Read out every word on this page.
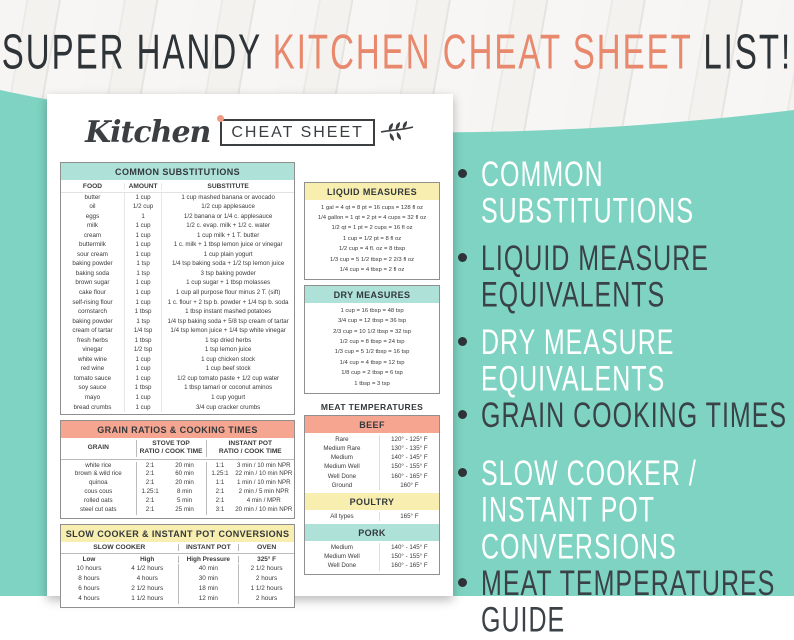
SUPER HANDY KITCHEN CHEAT SHEET LIST!
Kitchen	CHEAT SHEET
COMMON SUBSTITUTIONS
FOOD	AMOUNT	SUBSTITUTE
butter	1 cup	1 cup mashed banana or avocado
oil	1/2 cup	1/2 cup applesauce
eggs	1	1/2 banana or 1/4 c. applesauce
milk	1 cup	1/2 c. evap. milk + 1/2 c. water
cream	1 cup	1 cup milk + 1 T. butter
buttermilk	1 cup	1 c. milk + 1 tbsp lemon juice or vinegar
sour cream	1 cup	1 cup plain yogurt
baking powder	1 tsp	1/4 tsp baking soda + 1/2 tsp lemon juice
baking soda	1 tsp	3 tsp baking powder
brown sugar	1 cup	1 cup sugar + 1 tbsp molasses
cake flour	1 cup	1 cup all purpose flour minus 2 T. (sift)
self-rising flour	1 cup	1 c. flour + 2 tsp b. powder + 1/4 tsp b. soda
cornstarch	1 tbsp	1 tbsp instant mashed potatoes
baking powder	1 tsp	1/4 tsp baking soda + 5/8 tsp cream of tartar
cream of tartar	1/4 tsp	1/4 tsp lemon juice + 1/4 tsp white vinegar
fresh herbs	1 tbsp	1 tsp dried herbs
vinegar	1/2 tsp	1 tsp lemon juice
white wine	1 cup	1 cup chicken stock
red wine	1 cup	1 cup beef stock
tomato sauce	1 cup	1/2 cup tomato paste + 1/2 cup water
soy sauce	1 tbsp	1 tbsp tamari or coconut aminos
mayo	1 cup	1 cup yogurt
bread crumbs	1 cup	3/4 cup cracker crumbs
GRAIN RATIOS & COOKING TIMES
GRAIN
STOVE TOP
RATIO / COOK TIME
INSTANT POT
RATIO / COOK TIME
white rice	2:1	20 min	1:1	3 min / 10 min NPR
brown & wild rice	2:1	60 min	1.25:1	22 min / 10 min NPR
quinoa	2:1	20 min	1:1	1 min / 10 min NPR
cous cous	1.25:1	8 min	2:1	2 min / 5 min NPR
rolled oats	2:1	5 min	2:1	4 min / MPR
steel cut oats	2:1	25 min	3:1	20 min / 10 min NPR
SLOW COOKER & INSTANT POT CONVERSIONS
SLOW COOKER	INSTANT POT	OVEN
Low	High	High Pressure	325° F
10 hours	4 1/2 hours	40 min	2 1/2 hours
8 hours	4 hours	30 min	2 hours
6 hours	2 1/2 hours	18 min	1 1/2 hours
4 hours	1 1/2 hours	12 min	2 hours
LIQUID MEASURES
1 gal = 4 qt = 8 pt = 16 cups = 128 fl oz
1/4 gallon = 1 qt = 2 pt = 4 cups = 32 fl oz
1/2 qt = 1 pt = 2 cups = 16 fl oz
1 cup = 1/2 pt = 8 fl oz
1/2 cup = 4 fl. oz = 8 tbsp
1/3 cup = 5 1/2 tbsp = 2 2/3 fl oz
1/4 cup = 4 tbsp = 2 fl oz
DRY MEASURES
1 cup = 16 tbsp = 48 tsp
3/4 cup = 12 tbsp = 36 tsp
2/3 cup = 10 1/2 tbsp = 32 tsp
1/2 cup = 8 tbsp = 24 tsp
1/3 cup = 5 1/2 tbsp = 16 tsp
1/4 cup = 4 tbsp = 12 tsp
1/8 cup = 2 tbsp = 6 tsp
1 tbsp = 3 tsp
MEAT TEMPERATURES
BEEF
Rare	120° - 125° F
Medium Rare	130° - 135° F
Medium	140° - 145° F
Medium Well	150° - 155° F
Well Done	160° - 165° F
Ground	160° F
POULTRY
All types	165° F
PORK
Medium	140° - 145° F
Medium Well	150° - 155° F
Well Done	160° - 165° F
COMMON SUBSTITUTIONS
LIQUID MEASURE EQUIVALENTS
DRY MEASURE EQUIVALENTS
GRAIN COOKING TIMES
SLOW COOKER / INSTANT POT CONVERSIONS
MEAT TEMPERATURES GUIDE
